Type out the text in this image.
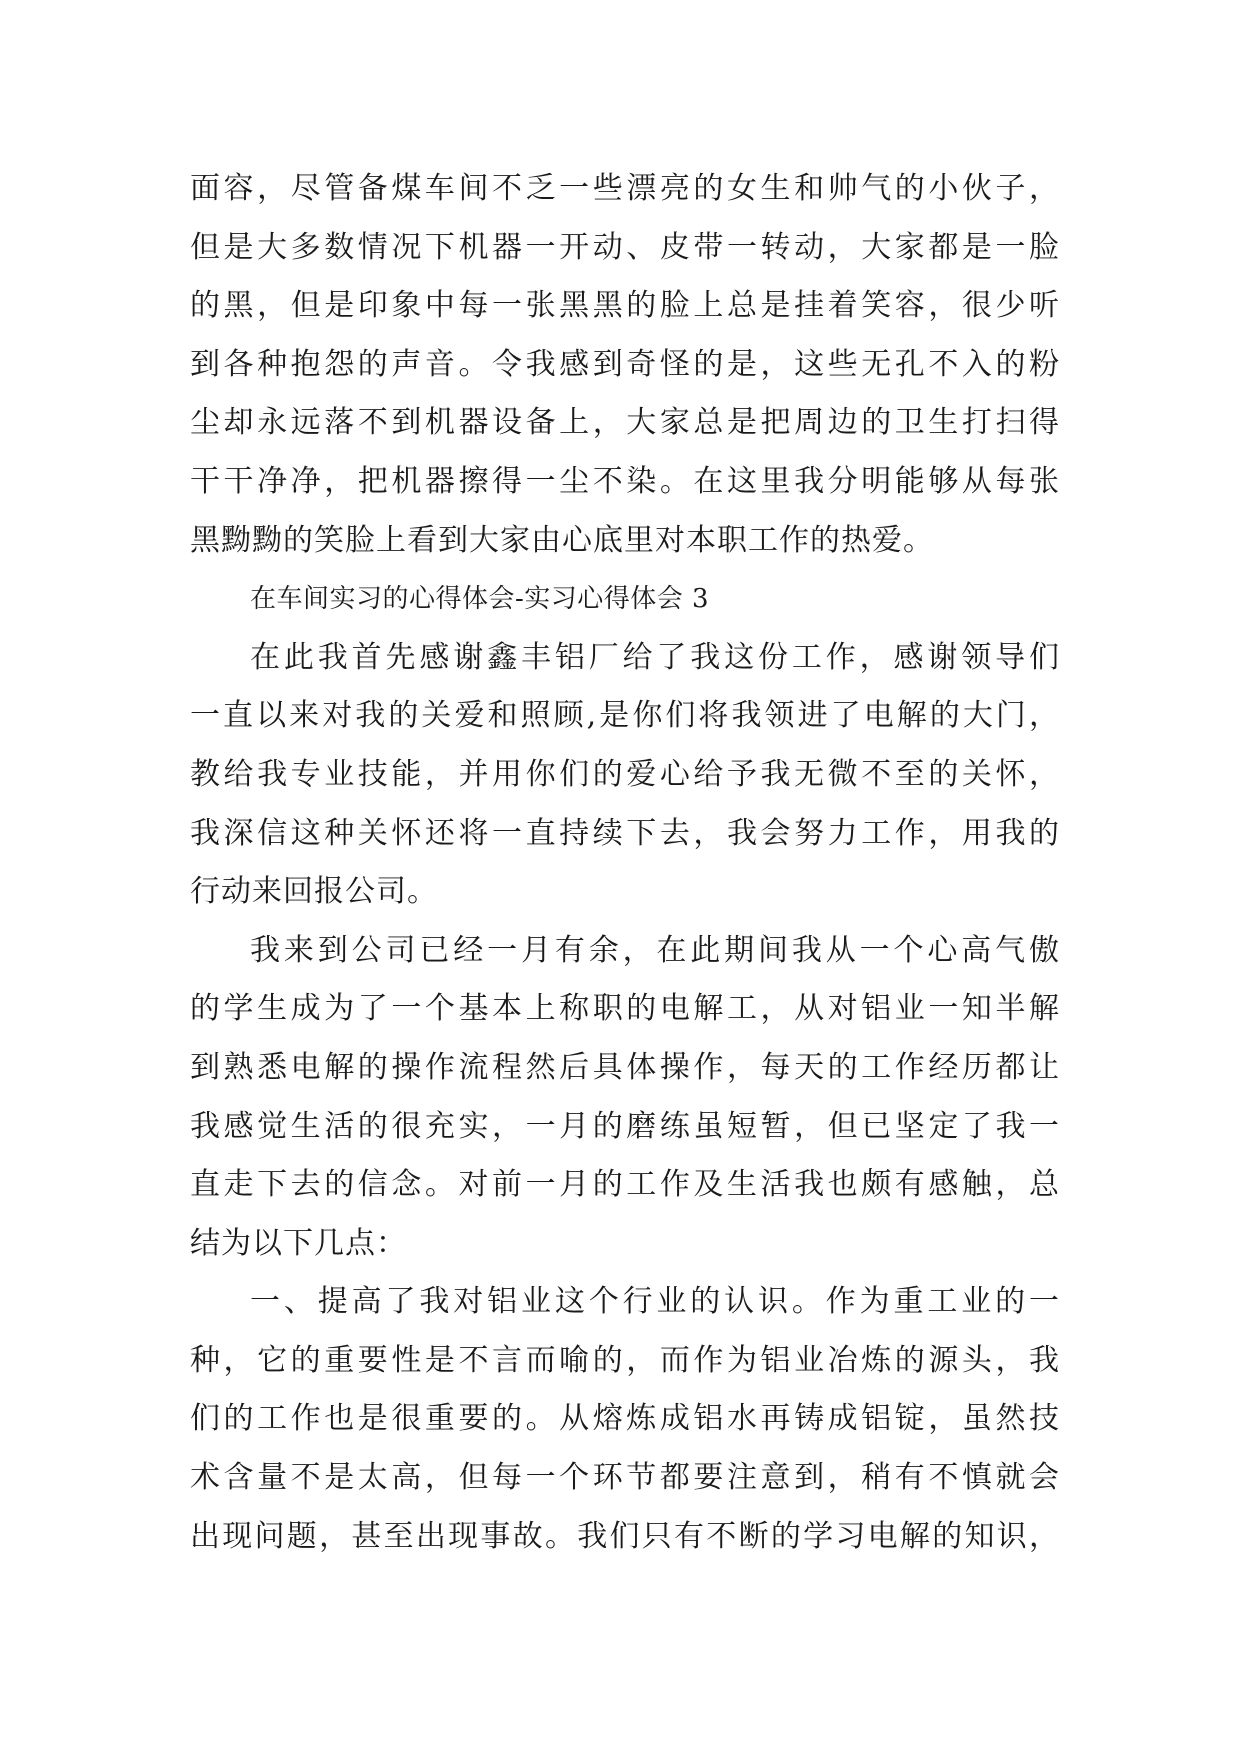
面容，尽管备煤车间不乏一些漂亮的女生和帅气的小伙子，
但是大多数情况下机器一开动、皮带一转动，大家都是一脸
的黑，但是印象中每一张黑黑的脸上总是挂着笑容，很少听
到各种抱怨的声音。令我感到奇怪的是，这些无孔不入的粉
尘却永远落不到机器设备上，大家总是把周边的卫生打扫得
干干净净，把机器擦得一尘不染。在这里我分明能够从每张
黑黝黝的笑脸上看到大家由心底里对本职工作的热爱。
在车间实习的心得体会-实习心得体会 3
在此我首先感谢鑫丰铝厂给了我这份工作，感谢领导们
一直以来对我的关爱和照顾,是你们将我领进了电解的大门，
教给我专业技能，并用你们的爱心给予我无微不至的关怀，
我深信这种关怀还将一直持续下去，我会努力工作，用我的
行动来回报公司。
我来到公司已经一月有余，在此期间我从一个心高气傲
的学生成为了一个基本上称职的电解工，从对铝业一知半解
到熟悉电解的操作流程然后具体操作，每天的工作经历都让
我感觉生活的很充实，一月的磨练虽短暂，但已坚定了我一
直走下去的信念。对前一月的工作及生活我也颇有感触，总
结为以下几点：
一、提高了我对铝业这个行业的认识。作为重工业的一
种，它的重要性是不言而喻的，而作为铝业冶炼的源头，我
们的工作也是很重要的。从熔炼成铝水再铸成铝锭，虽然技
术含量不是太高，但每一个环节都要注意到，稍有不慎就会
出现问题，甚至出现事故。我们只有不断的学习电解的知识，
